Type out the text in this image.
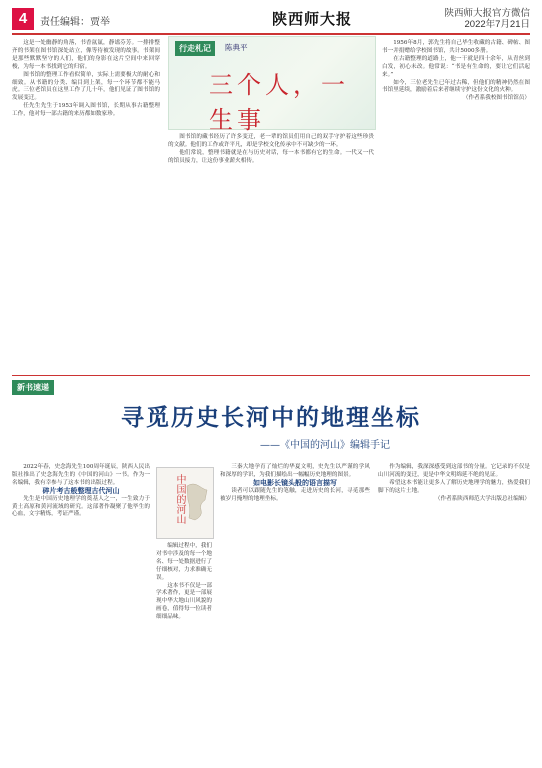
4	责任编辑：贾举	陕西师大报	陕西师大报官方微信
2022年7月21日

这是一处幽静的角落，书香氤氲，静谧芬芳。一排排整齐的书架在图书馆深处站立，像等待被发现的故事。书架间是那些默默坚守的人们，他们的身影在这片空间中来回穿梭，为每一本书找到它的归宿。

图书馆的整理工作看似简单，实际上需要极大的耐心和细致。从书籍的分类、编目到上架，每一个环节都不能马虎。三位老馆员在这里工作了几十年，他们见证了图书馆的发展变迁。

任先生先生于1953年调入图书馆，长期从事古籍整理工作，他对每一部古籍的来历都如数家珍。

行走札记	陈典平
三个人，一生事

图书馆的藏书经历了许多变迁，老一辈的馆员们用自己的双手守护着这些珍贵的文献。他们的工作或许平凡，却是学校文化传承中不可缺少的一环。

他们常说，整理书籍就是在与历史对话，每一本书都有它的生命。一代又一代的馆员接力，让这份事业薪火相传。

1956年8月，郭先生将自己毕生收藏的古籍、碑帖、图书一并捐赠给学校图书馆，共计5000多册。

在古籍整理的道路上，他一干就是四十余年，从青丝到白发，初心未改。他常说：“书是有生命的，要让它们活起来。”

如今，三位老先生已年过古稀，但他们的精神仍然在图书馆里延续，激励着后来者继续守护这份文化的火种。

（作者系我校图书馆馆员）

新书速递
寻觅历史长河中的地理坐标
——《中国的河山》编辑手记

2022年春，史念海先生100周年诞辰，陕西人民出版社推出了史念海先生的《中国的河山》一书。作为一名编辑，我有幸参与了这本书的出版过程。

碎片考古般整理古代河山

先生是中国历史地理学的奠基人之一，一生致力于黄土高原和黄河流域的研究。这部著作凝聚了他毕生的心血，文字精炼，考证严谨。	中国的河山

编辑过程中，我们对书中涉及的每一个地名、每一处数据进行了仔细核对，力求准确无误。

这本书不仅是一部学术著作，更是一部展现中华大地山川风貌的画卷，值得每一位读者细细品味。

三秦大地孕育了灿烂的华夏文明，史先生以严谨的学风和深厚的学识，为我们描绘出一幅幅历史地理的图景。

如电影长镜头般的语言描写

读者可以跟随先生的笔触，走进历史的长河，寻觅那些被岁月掩埋的地理坐标。

作为编辑，我深深感受到这部书的分量。它记录的不仅是山川河流的变迁，更是中华文明绵延不绝的见证。

希望这本书能让更多人了解历史地理学的魅力，热爱我们脚下的这片土地。

（作者系陕西师范大学出版总社编辑）
